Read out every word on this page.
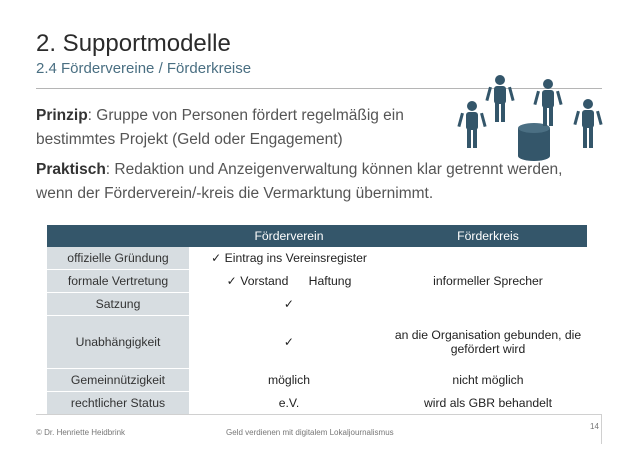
2. Supportmodelle
2.4 Fördervereine / Förderkreise
Prinzip: Gruppe von Personen fördert regelmäßig ein bestimmtes Projekt (Geld oder Engagement)
Praktisch: Redaktion und Anzeigenverwaltung können klar getrennt werden, wenn der Förderverein/-kreis die Vermarktung übernimmt.
	Förderverein	Förderkreis
offizielle Gründung	✓ Eintrag ins Vereinsregister	
formale Vertretung	✓ Vorstand      Haftung	informeller Sprecher
Satzung	✓	
Unabhängigkeit	✓	an die Organisation gebunden, die gefördert wird
Gemeinnützigkeit	möglich	nicht möglich
rechtlicher Status	e.V.	wird als GBR behandelt
© Dr. Henriette Heidbrink	Geld verdienen mit digitalem Lokaljournalismus
14
